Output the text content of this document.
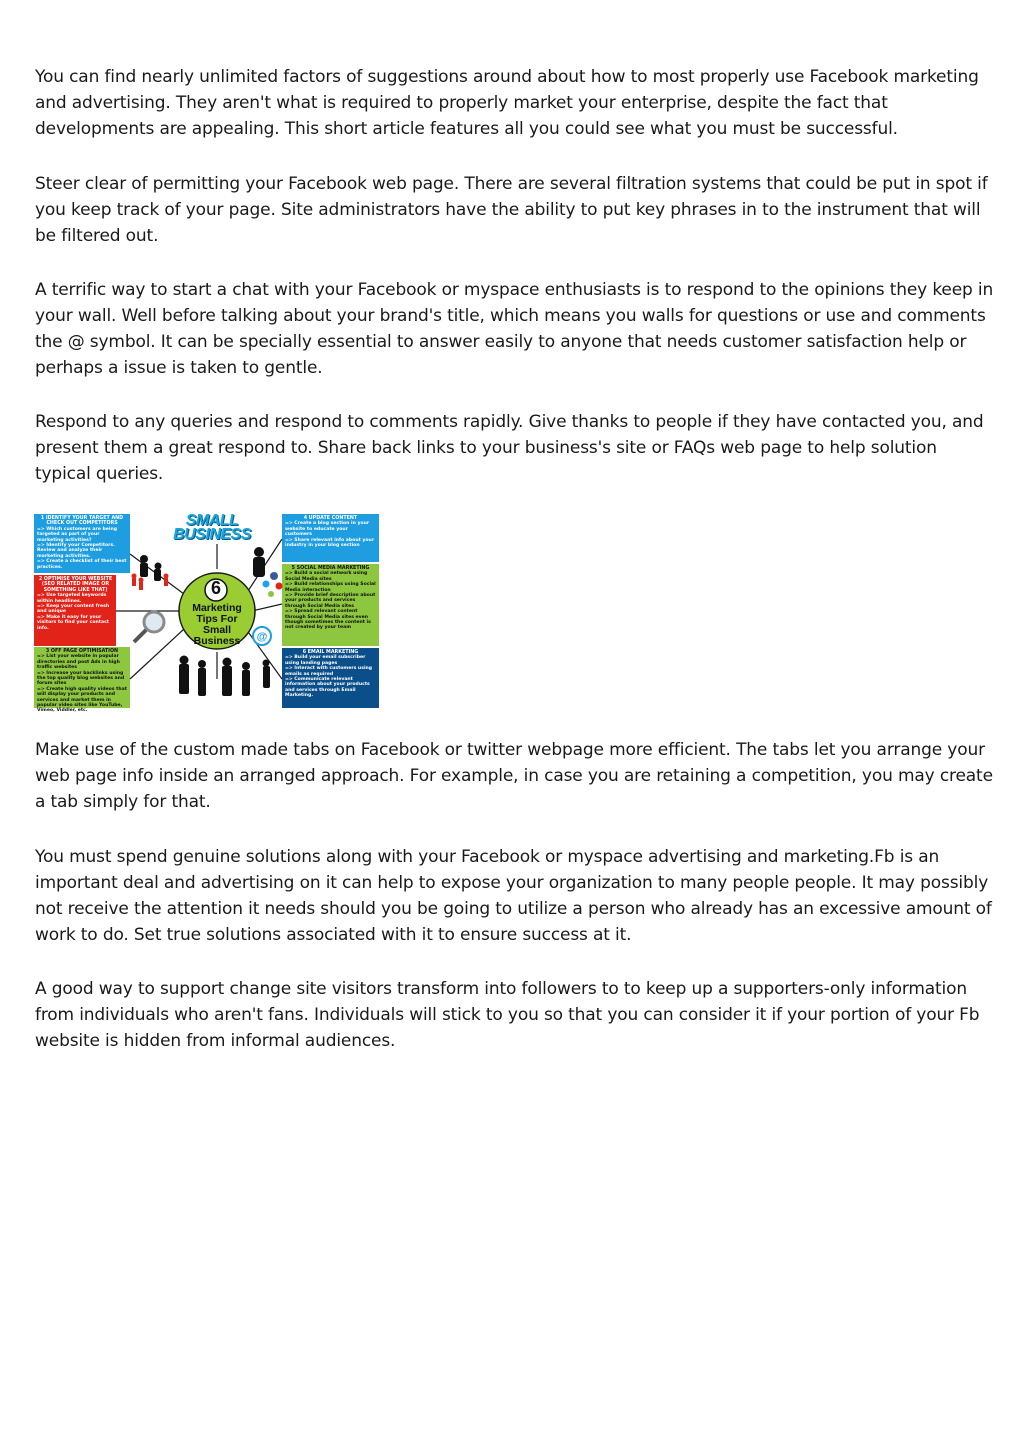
You can find nearly unlimited factors of suggestions around about how to most properly use Facebook marketing and advertising. They aren't what is required to properly market your enterprise, despite the fact that developments are appealing. This short article features all you could see what you must be successful.

Steer clear of permitting your Facebook web page. There are several filtration systems that could be put in spot if you keep track of your page. Site administrators have the ability to put key phrases in to the instrument that will be filtered out.

A terrific way to start a chat with your Facebook or myspace enthusiasts is to respond to the opinions they keep in your wall. Well before talking about your brand's title, which means you walls for questions or use and comments the @ symbol. It can be specially essential to answer easily to anyone that needs customer satisfaction help or perhaps a issue is taken to gentle.

Respond to any queries and respond to comments rapidly. Give thanks to people if they have contacted you, and present them a great respond to. Share back links to your business's site or FAQs web page to help solution typical queries.

@
SMALL BUSINESS
6
Marketing Tips For Small Business
1 IDENTIFY YOUR TARGET AND CHECK OUT COMPETITORS
=> Which customers are being targeted as part of your marketing activities?
=> Identify your Competitors. Review and analyze their marketing activities.
=> Create a checklist of their best practices.
2 OPTIMISE YOUR WEBSITE (SEO RELATED IMAGE OR SOMETHING LIKE THAT)
=> Use targeted keywords within headlines.
=> Keep your content fresh and unique
=> Make it easy for your visitors to find your contact info.
3 OFF PAGE OPTIMISATION
=> List your website in popular directories and post Ads in high traffic websites
=> Increase your backlinks using the top quality blog websites and forum sites
=> Create high quality videos that will display your products and services and market them in popular video sites like YouTube, Vimeo, Viddler, etc.
4 UPDATE CONTENT
=> Create a blog section in your website to educate your customers
=> Share relevant info about your industry in your blog section
5 SOCIAL MEDIA MARKETING
=> Build a social network using Social Media sites
=> Build relationships using Social Media interaction
=> Provide brief description about your products and services through Social Media sites
=> Spread relevant content through Social Media sites even though sometimes the content is not created by your team
6 EMAIL MARKETING
=> Build your email subscriber using landing pages
=> Interact with customers using emails as required
=> Communicate relevant information about your products and services through Email Marketing.

Make use of the custom made tabs on Facebook or twitter webpage more efficient. The tabs let you arrange your web page info inside an arranged approach. For example, in case you are retaining a competition, you may create a tab simply for that.

You must spend genuine solutions along with your Facebook or myspace advertising and marketing.Fb is an important deal and advertising on it can help to expose your organization to many people people. It may possibly not receive the attention it needs should you be going to utilize a person who already has an excessive amount of work to do. Set true solutions associated with it to ensure success at it.

A good way to support change site visitors transform into followers to to keep up a supporters-only information from individuals who aren't fans. Individuals will stick to you so that you can consider it if your portion of your Fb website is hidden from informal audiences.
